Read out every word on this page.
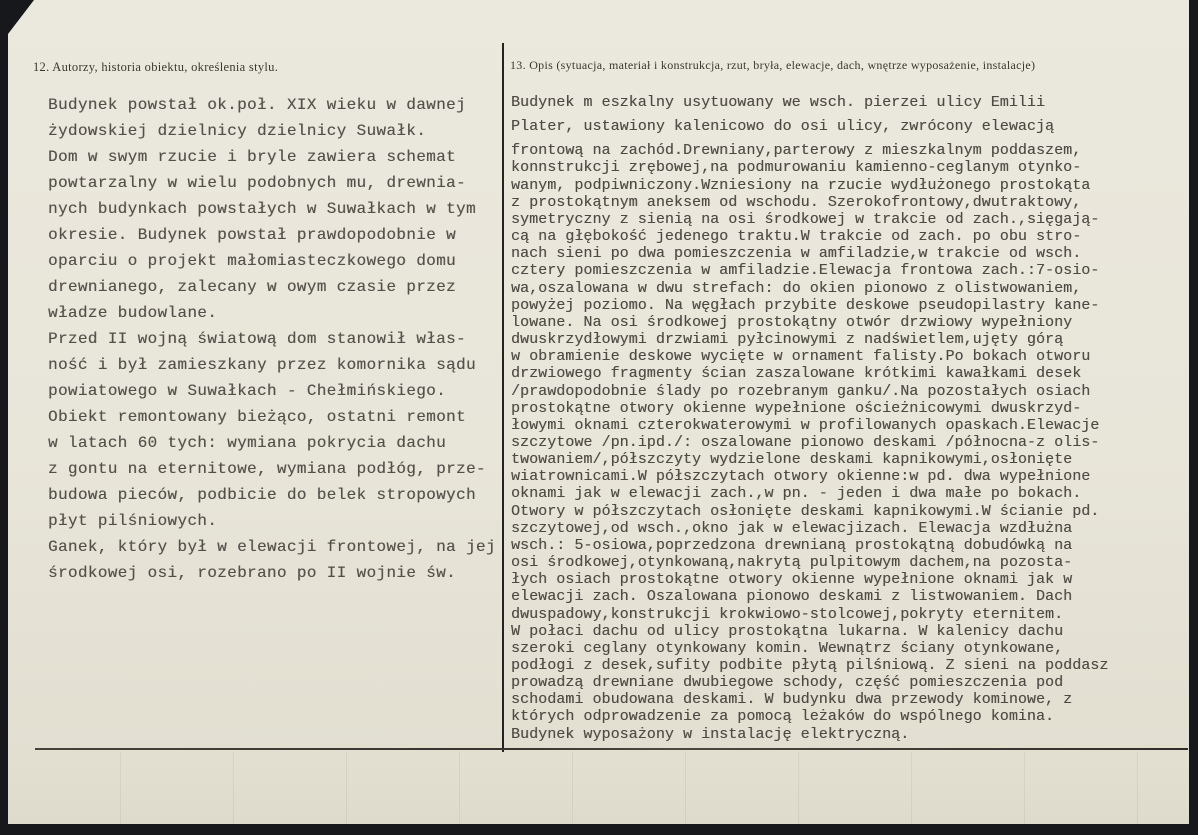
12. Autorzy, historia obiektu, określenia stylu.	13. Opis (sytuacja, materiał i konstrukcja, rzut, bryła, elewacje, dach, wnętrze wyposażenie, instalacje)
Budynek powstał ok.poł. XIX wieku w dawnej
żydowskiej dzielnicy dzielnicy Suwałk.
Dom w swym rzucie i bryle zawiera schemat
powtarzalny w wielu podobnych mu, drewnia-
nych budynkach powstałych w Suwałkach w tym
okresie. Budynek powstał prawdopodobnie w
oparciu o projekt małomiasteczkowego domu
drewnianego, zalecany w owym czasie przez
władze budowlane.
Przed II wojną światową dom stanowił włas-
ność i był zamieszkany przez komornika sądu
powiatowego w Suwałkach - Chełmińskiego.
Obiekt remontowany bieżąco, ostatni remont
w latach 60 tych: wymiana pokrycia dachu
z gontu na eternitowe, wymiana podłóg, prze-
budowa pieców, podbicie do belek stropowych
płyt pilśniowych.
Ganek, który był w elewacji frontowej, na jej
środkowej osi, rozebrano po II wojnie św.
Budynek m eszkalny usytuowany we wsch. pierzei ulicy Emilii
Plater, ustawiony kalenicowo do osi ulicy, zwrócony elewacją
frontową na zachód.Drewniany,parterowy z mieszkalnym poddaszem,
konnstrukcji zrębowej,na podmurowaniu kamienno-ceglanym otynko-
wanym, podpiwniczony.Wzniesiony na rzucie wydłużonego prostokąta
z prostokątnym aneksem od wschodu. Szerokofrontowy,dwutraktowy,
symetryczny z sienią na osi środkowej w trakcie od zach.,sięgają-
cą na głębokość jedenego traktu.W trakcie od zach. po obu stro-
nach sieni po dwa pomieszczenia w amfiladzie,w trakcie od wsch.
cztery pomieszczenia w amfiladzie.Elewacja frontowa zach.:7-osio-
wa,oszalowana w dwu strefach: do okien pionowo z olistwowaniem,
powyżej poziomo. Na węgłach przybite deskowe pseudopilastry kane-
lowane. Na osi środkowej prostokątny otwór drzwiowy wypełniony
dwuskrzydłowymi drzwiami pyłcinowymi z nadświetlem,ujęty górą
w obramienie deskowe wycięte w ornament falisty.Po bokach otworu
drzwiowego fragmenty ścian zaszalowane krótkimi kawałkami desek
/prawdopodobnie ślady po rozebranym ganku/.Na pozostałych osiach
prostokątne otwory okienne wypełnione ościeżnicowymi dwuskrzyd-
łowymi oknami czterokwaterowymi w profilowanych opaskach.Elewacje
szczytowe /pn.ipd./: oszalowane pionowo deskami /północna-z olis-
twowaniem/,półszczyty wydzielone deskami kapnikowymi,osłonięte
wiatrownicami.W półszczytach otwory okienne:w pd. dwa wypełnione
oknami jak w elewacji zach.,w pn. - jeden i dwa małe po bokach.
Otwory w półszczytach osłonięte deskami kapnikowymi.W ścianie pd.
szczytowej,od wsch.,okno jak w elewacjizach. Elewacja wzdłużna
wsch.: 5-osiowa,poprzedzona drewnianą prostokątną dobudówką na
osi środkowej,otynkowaną,nakrytą pulpitowym dachem,na pozosta-
łych osiach prostokątne otwory okienne wypełnione oknami jak w
elewacji zach. Oszalowana pionowo deskami z listwowaniem. Dach
dwuspadowy,konstrukcji krokwiowo-stolcowej,pokryty eternitem.
W połaci dachu od ulicy prostokątna lukarna. W kalenicy dachu
szeroki ceglany otynkowany komin. Wewnątrz ściany otynkowane,
podłogi z desek,sufity podbite płytą pilśniową. Z sieni na poddasz
prowadzą drewniane dwubiegowe schody, część pomieszczenia pod
schodami obudowana deskami. W budynku dwa przewody kominowe, z
których odprowadzenie za pomocą leżaków do wspólnego komina.
Budynek wyposażony w instalację elektryczną.
